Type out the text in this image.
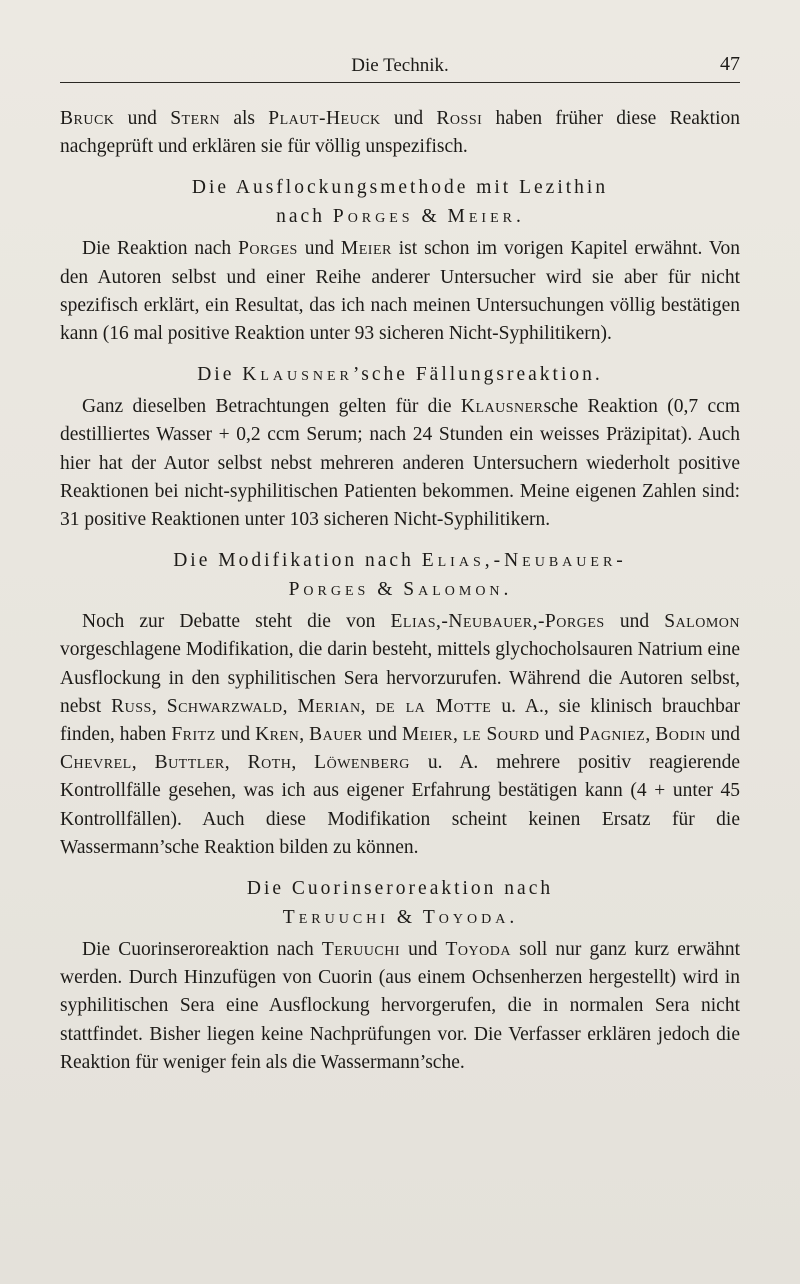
Die Technik.	47

Bruck und Stern als Plaut-Heuck und Rossi haben früher diese Reaktion nachgeprüft und erklären sie für völlig unspezifisch.

Die Ausflockungsmethode mit Lezithin
nach Porges & Meier.

Die Reaktion nach Porges und Meier ist schon im vorigen Kapitel erwähnt. Von den Autoren selbst und einer Reihe anderer Untersucher wird sie aber für nicht spezifisch erklärt, ein Resultat, das ich nach meinen Untersuchungen völlig bestätigen kann (16 mal positive Reaktion unter 93 sicheren Nicht-Syphilitikern).

Die Klausner’sche Fällungsreaktion.

Ganz dieselben Betrachtungen gelten für die Klausnersche Reaktion (0,7 ccm destilliertes Wasser + 0,2 ccm Serum; nach 24 Stunden ein weisses Präzipitat). Auch hier hat der Autor selbst nebst mehreren anderen Untersuchern wiederholt positive Reaktionen bei nicht-syphilitischen Patienten bekommen. Meine eigenen Zahlen sind: 31 positive Reaktionen unter 103 sicheren Nicht-Syphilitikern.

Die Modifikation nach Elias,-Neubauer-
Porges & Salomon.

Noch zur Debatte steht die von Elias,-Neubauer,-Porges und Salomon vorgeschlagene Modifikation, die darin besteht, mittels glychocholsauren Natrium eine Ausflockung in den syphilitischen Sera hervorzurufen. Während die Autoren selbst, nebst Russ, Schwarzwald, Merian, de la Motte u. A., sie klinisch brauchbar finden, haben Fritz und Kren, Bauer und Meier, le Sourd und Pagniez, Bodin und Chevrel, Buttler, Roth, Löwenberg u. A. mehrere positiv reagierende Kontrollfälle gesehen, was ich aus eigener Erfahrung bestätigen kann (4 + unter 45 Kontrollfällen). Auch diese Modifikation scheint keinen Ersatz für die Wassermann’sche Reaktion bilden zu können.

Die Cuorinseroreaktion nach
Teruuchi & Toyoda.

Die Cuorinseroreaktion nach Teruuchi und Toyoda soll nur ganz kurz erwähnt werden. Durch Hinzufügen von Cuorin (aus einem Ochsenherzen hergestellt) wird in syphilitischen Sera eine Ausflockung hervorgerufen, die in normalen Sera nicht stattfindet. Bisher liegen keine Nachprüfungen vor. Die Verfasser erklären jedoch die Reaktion für weniger fein als die Wassermann’sche.
